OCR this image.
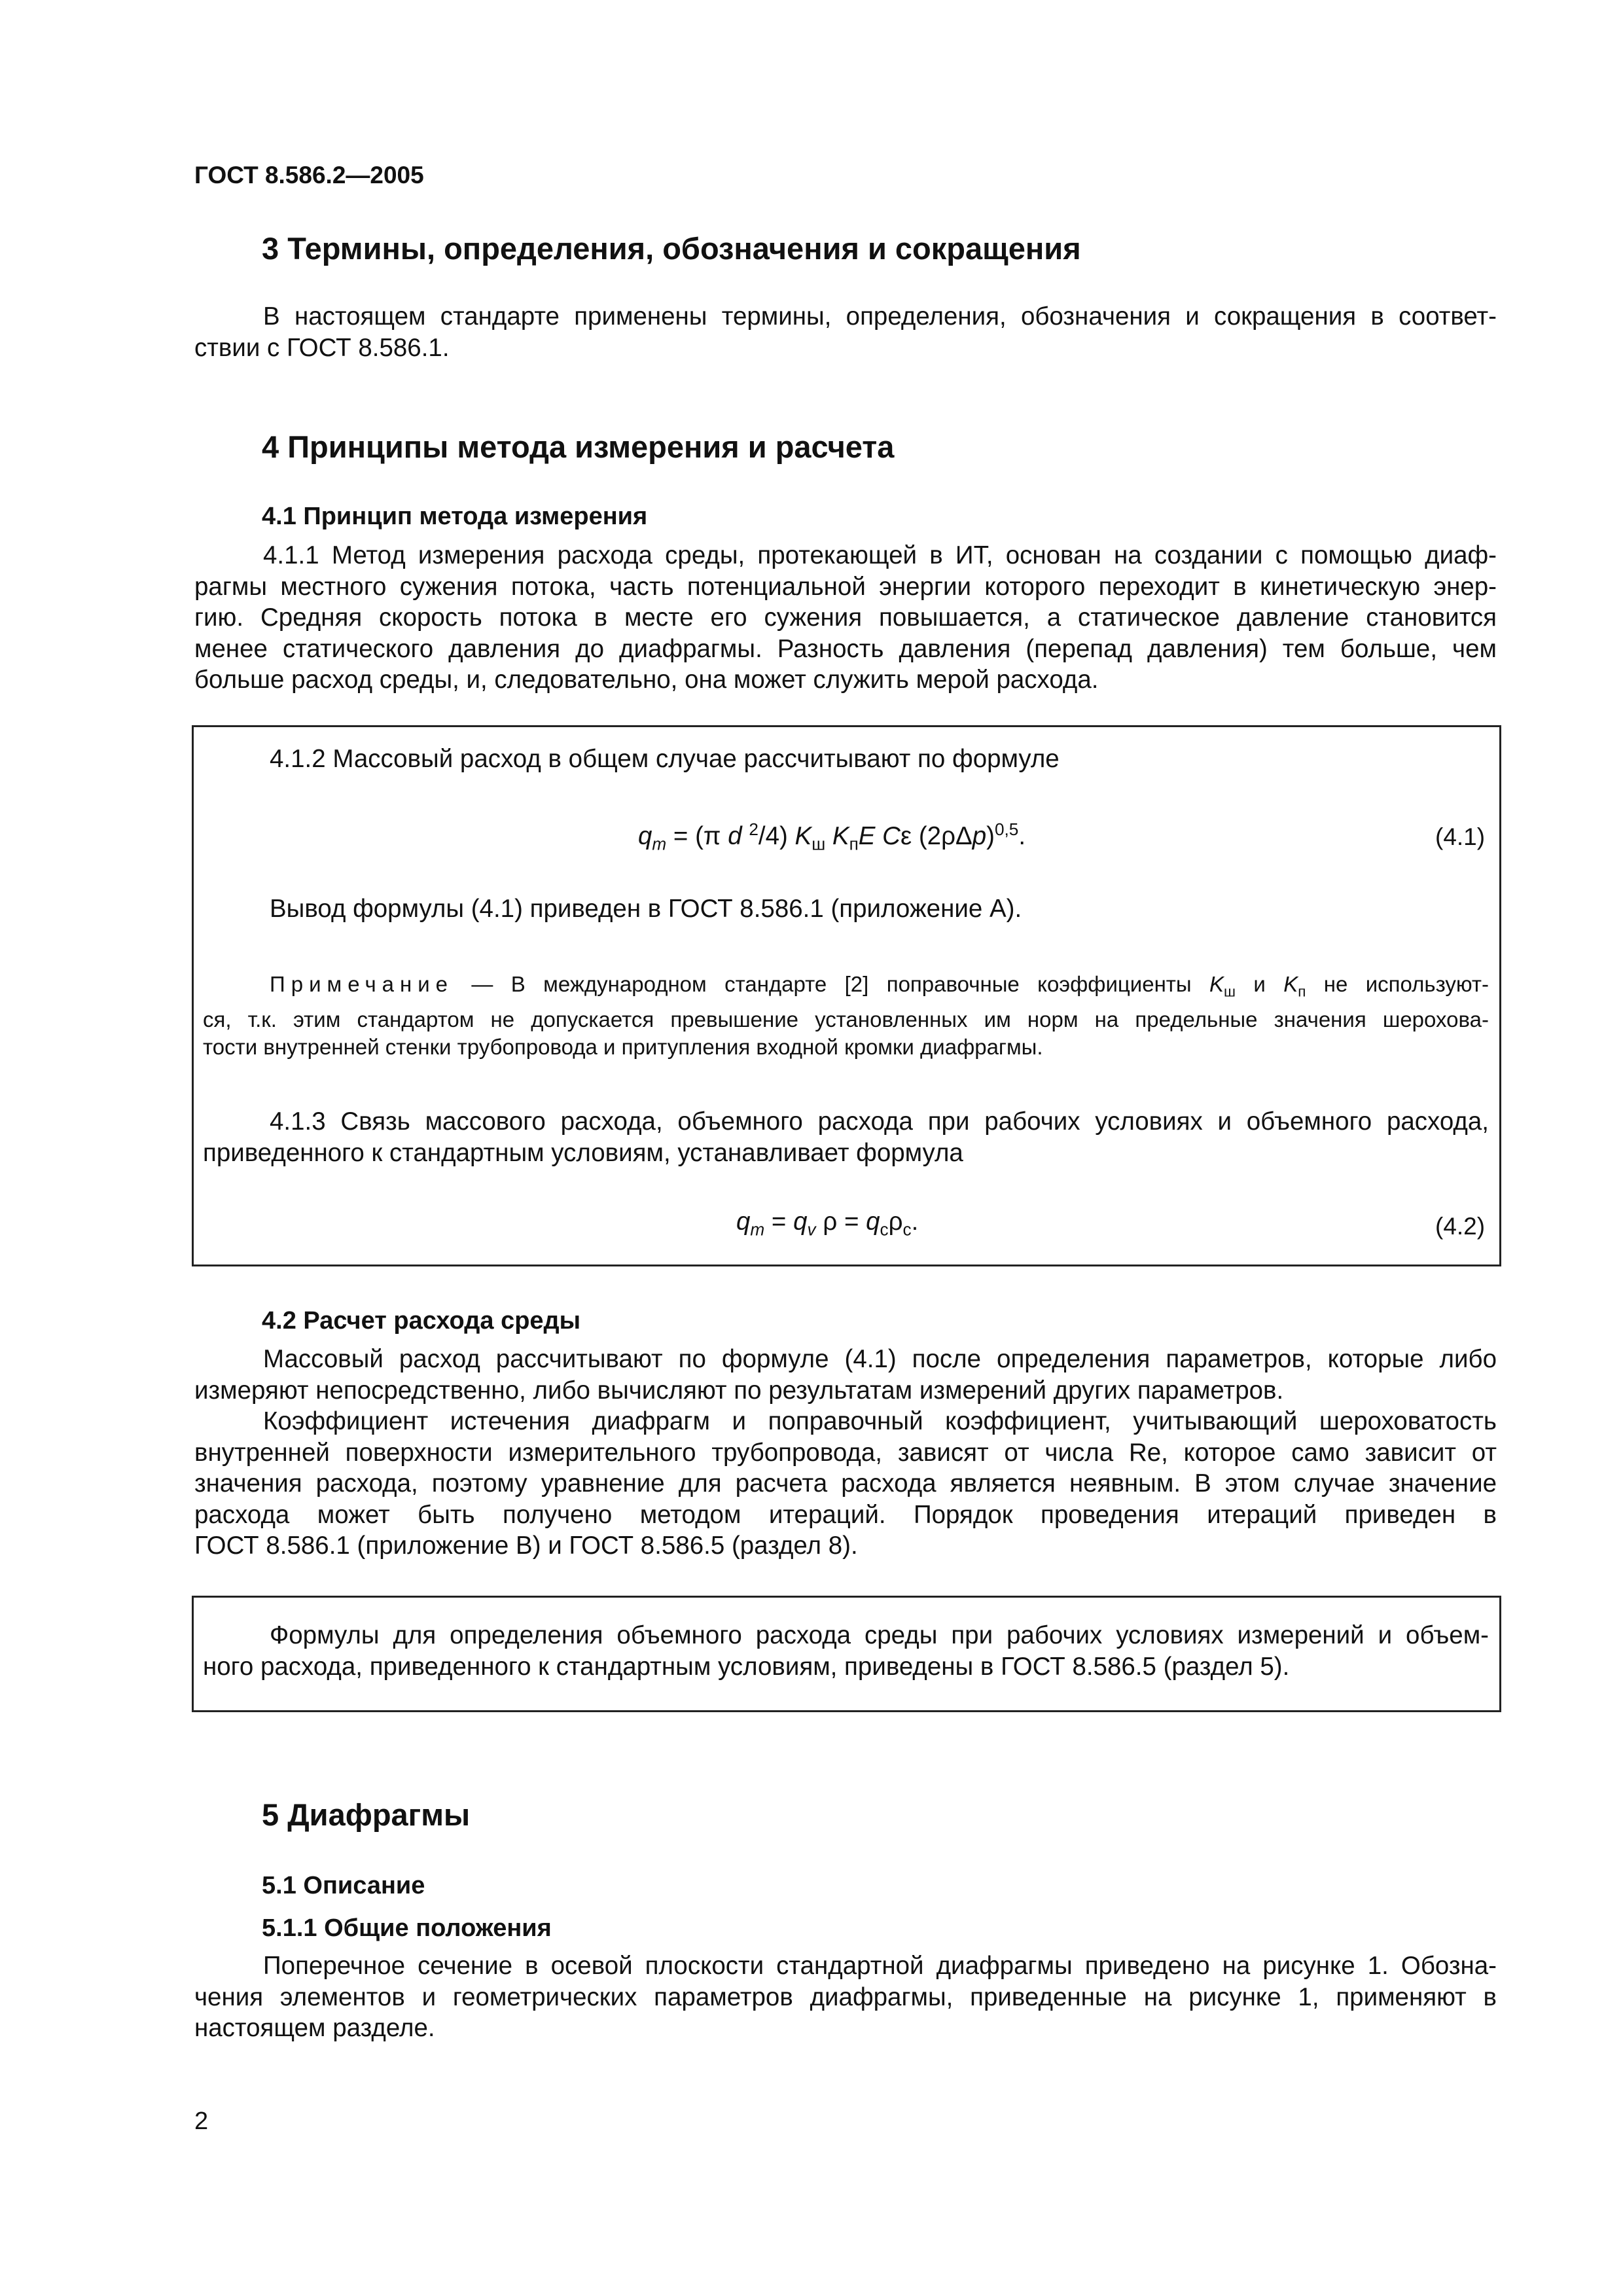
ГОСТ 8.586.2—2005
3 Термины, определения, обозначения и сокращения
В настоящем стандарте применены термины, определения, обозначения и сокращения в соответ-
ствии с ГОСТ 8.586.1.
4 Принципы метода измерения и расчета
4.1 Принцип метода измерения
4.1.1 Метод измерения расхода среды, протекающей в ИТ, основан на создании с помощью диаф-
рагмы местного сужения потока, часть потенциальной энергии которого переходит в кинетическую энер-
гию. Средняя скорость потока в месте его сужения повышается, а статическое давление становится
менее статического давления до диафрагмы. Разность давления (перепад давления) тем больше, чем
больше расход среды, и, следовательно, она может служить мерой расхода.
4.1.2 Массовый расход в общем случае рассчитывают по формуле
$q_m = (\pi$ d $^2$/4) $K_ш$ $K_пE$ Cε $(2\rho\Delta p)^{0,5}$.	(4.1)
Вывод формулы (4.1) приведен в ГОСТ 8.586.1 (приложение А).
Примечание — В международном стандарте [2] поправочные коэффициенты $K_ш$ и $K_п$ не используют-
ся, т.к. этим стандартом не допускается превышение установленных им норм на предельные значения шерохова-
тости внутренней стенки трубопровода и притупления входной кромки диафрагмы.
4.1.3 Связь массового расхода, объемного расхода при рабочих условиях и объемного расхода,
приведенного к стандартным условиям, устанавливает формула
$q_m = q_v$ $\rho = q_c\rho_c$.	(4.2)
4.2 Расчет расхода среды
Массовый расход рассчитывают по формуле (4.1) после определения параметров, которые либо
измеряют непосредственно, либо вычисляют по результатам измерений других параметров.
Коэффициент истечения диафрагм и поправочный коэффициент, учитывающий шероховатость
внутренней поверхности измерительного трубопровода, зависят от числа Re, которое само зависит от
значения расхода, поэтому уравнение для расчета расхода является неявным. В этом случае значение
расхода может быть получено методом итераций. Порядок проведения итераций приведен в
ГОСТ 8.586.1 (приложение В) и ГОСТ 8.586.5 (раздел 8).
Формулы для определения объемного расхода среды при рабочих условиях измерений и объем-
ного расхода, приведенного к стандартным условиям, приведены в ГОСТ 8.586.5 (раздел 5).
5 Диафрагмы
5.1 Описание
5.1.1 Общие положения
Поперечное сечение в осевой плоскости стандартной диафрагмы приведено на рисунке 1. Обозна-
чения элементов и геометрических параметров диафрагмы, приведенные на рисунке 1, применяют в
настоящем разделе.
2
